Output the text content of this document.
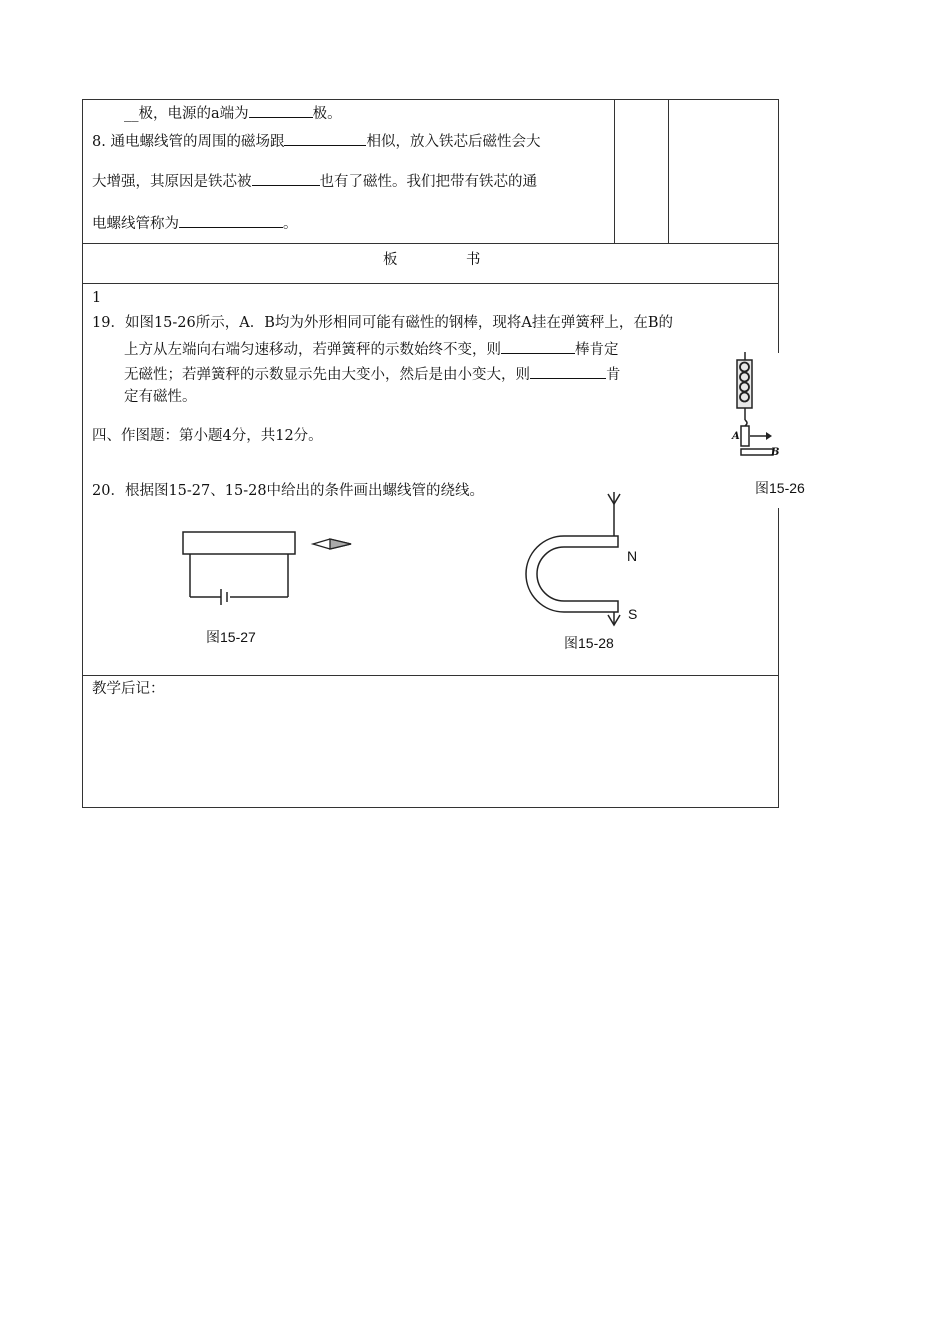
__极，电源的a端为	极。
8. 通电螺线管的周围的磁场跟	相似，放入铁芯后磁性会大
大增强，其原因是铁芯被	也有了磁性。我们把带有铁芯的通
电螺线管称为	。
板	书
1
19．如图15-26所示，A．B均为外形相同可能有磁性的钢棒，现将A挂在弹簧秤上，在B的
上方从左端向右端匀速移动，若弹簧秤的示数始终不变，则	棒肯定
无磁性；若弹簧秤的示数显示先由大变小，然后是由小变大，则	肯
定有磁性。
四、作图题：第小题4分，共12分。
20．根据图15-27、15-28中给出的条件画出螺线管的绕线。
A
B
图15-26
图15-27
N
S
图15-28
教学后记：
